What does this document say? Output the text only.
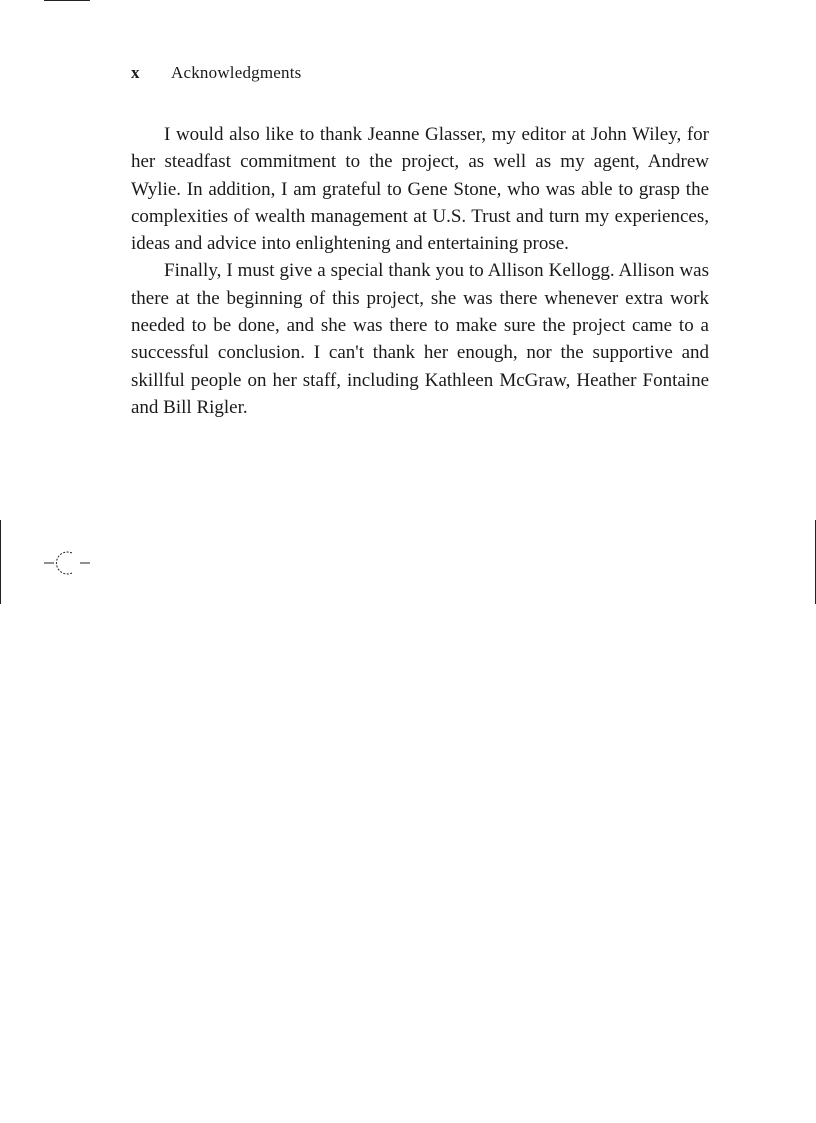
x Acknowledgments

I would also like to thank Jeanne Glasser, my editor at John Wiley, for her steadfast commitment to the project, as well as my agent, Andrew Wylie. In addition, I am grateful to Gene Stone, who was able to grasp the complexities of wealth management at U.S. Trust and turn my experiences, ideas and advice into enlightening and entertaining prose.

Finally, I must give a special thank you to Allison Kellogg. Allison was there at the beginning of this project, she was there whenever extra work needed to be done, and she was there to make sure the project came to a successful conclusion. I can't thank her enough, nor the supportive and skillful people on her staff, including Kathleen McGraw, Heather Fontaine and Bill Rigler.
